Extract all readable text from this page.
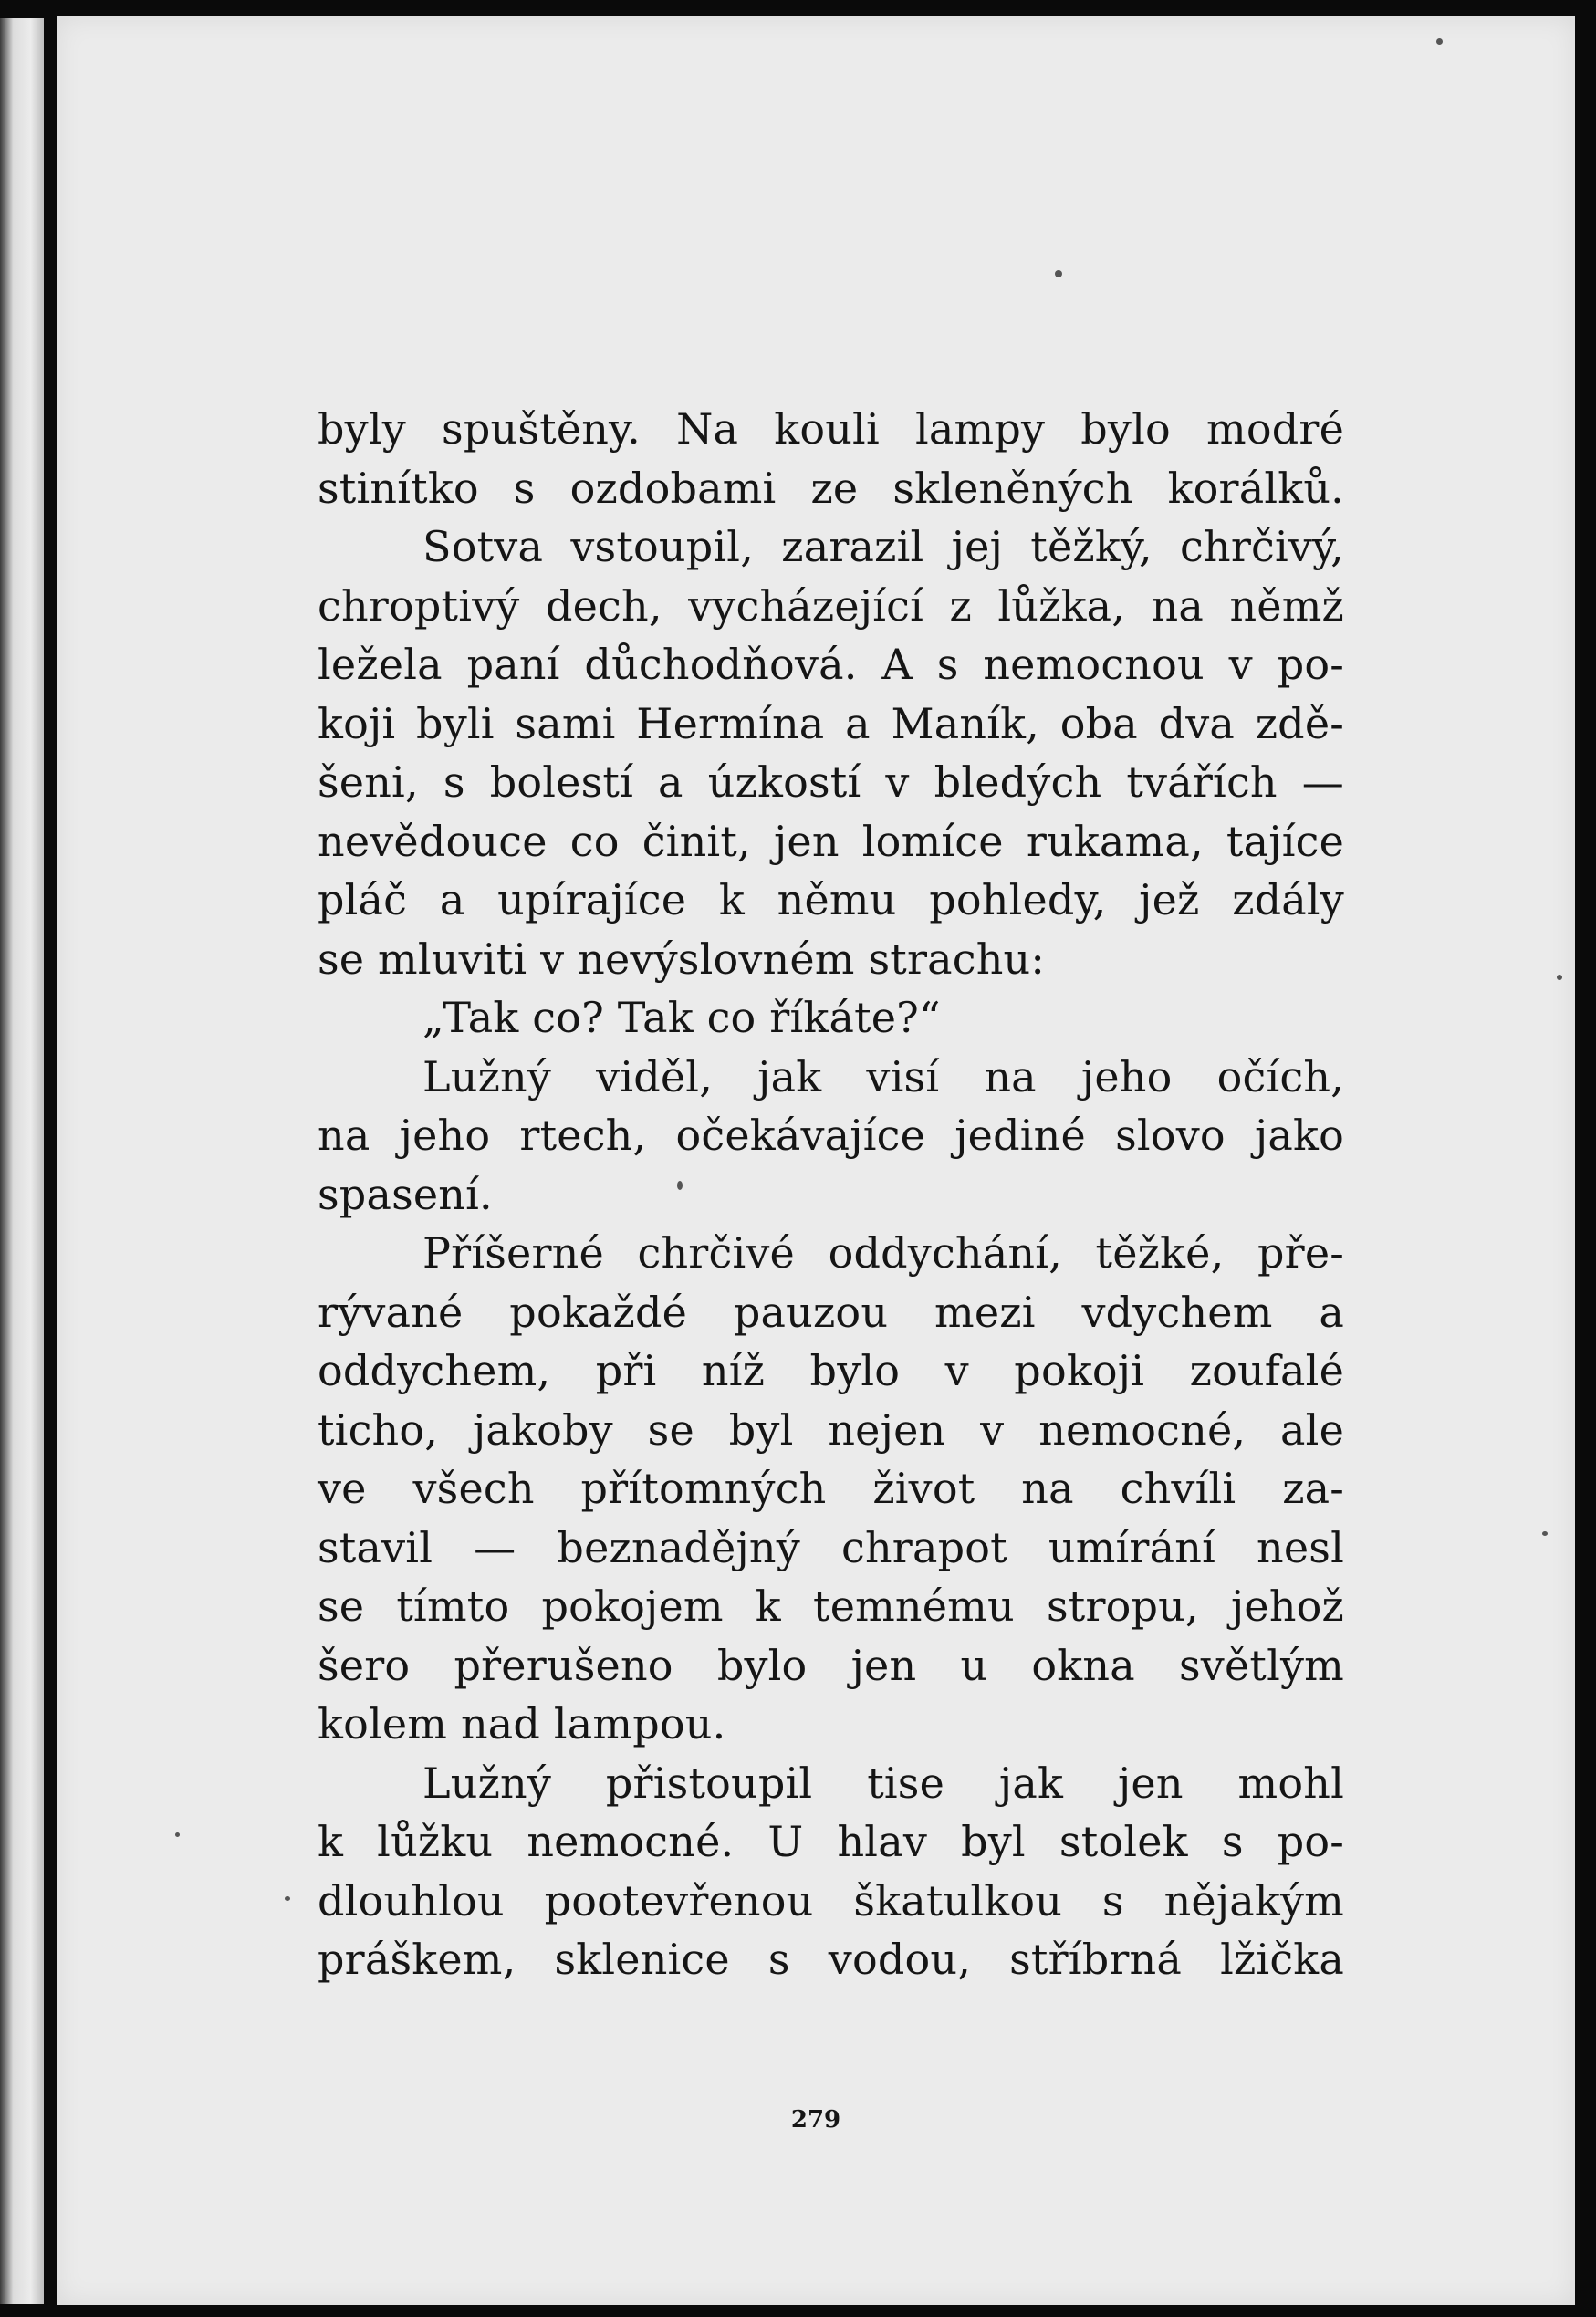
byly spuštěny. Na kouli lampy bylo modré
stinítko s ozdobami ze skleněných korálků.
Sotva vstoupil, zarazil jej těžký, chrčivý,
chroptivý dech, vycházející z lůžka, na němž
ležela paní důchodňová. A s nemocnou v po-
koji byli sami Hermína a Maník, oba dva zdě-
šeni, s bolestí a úzkostí v bledých tvářích —
nevědouce co činit, jen lomíce rukama, tajíce
pláč a upírajíce k němu pohledy, jež zdály
se mluviti v nevýslovném strachu:
„Tak co? Tak co říkáte?“
Lužný viděl, jak visí na jeho očích,
na jeho rtech, očekávajíce jediné slovo jako
spasení.
Příšerné chrčivé oddychání, těžké, pře-
rývané pokaždé pauzou mezi vdychem a
oddychem, při níž bylo v pokoji zoufalé
ticho, jakoby se byl nejen v nemocné, ale
ve všech přítomných život na chvíli za-
stavil — beznadějný chrapot umírání nesl
se tímto pokojem k temnému stropu, jehož
šero přerušeno bylo jen u okna světlým
kolem nad lampou.
Lužný přistoupil tise jak jen mohl
k lůžku nemocné. U hlav byl stolek s po-
dlouhlou pootevřenou škatulkou s nějakým
práškem, sklenice s vodou, stříbrná lžička
279
